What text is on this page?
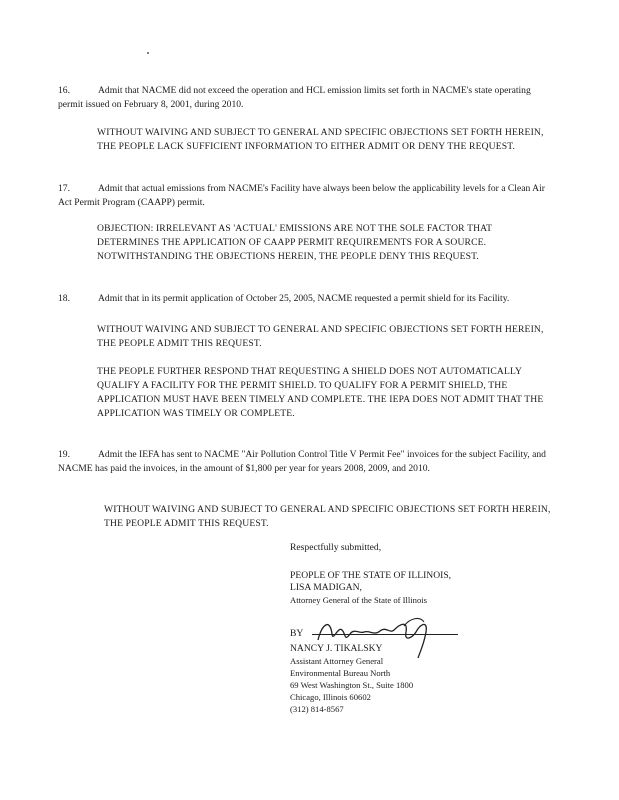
16.	Admit that NACME did not exceed the operation and HCL emission limits set forth in NACME's state operating permit issued on February 8, 2001, during 2010.
WITHOUT WAIVING AND SUBJECT TO GENERAL AND SPECIFIC OBJECTIONS SET FORTH HEREIN, THE PEOPLE LACK SUFFICIENT INFORMATION TO EITHER ADMIT OR DENY THE REQUEST.
17.	Admit that actual emissions from NACME's Facility have always been below the applicability levels for a Clean Air Act Permit Program (CAAPP) permit.
OBJECTION: IRRELEVANT AS 'ACTUAL' EMISSIONS ARE NOT THE SOLE FACTOR THAT DETERMINES THE APPLICATION OF CAAPP PERMIT REQUIREMENTS FOR A SOURCE. NOTWITHSTANDING THE OBJECTIONS HEREIN, THE PEOPLE DENY THIS REQUEST.
18.	Admit that in its permit application of October 25, 2005, NACME requested a permit shield for its Facility.
WITHOUT WAIVING AND SUBJECT TO GENERAL AND SPECIFIC OBJECTIONS SET FORTH HEREIN, THE PEOPLE ADMIT THIS REQUEST.
THE PEOPLE FURTHER RESPOND THAT REQUESTING A SHIELD DOES NOT AUTOMATICALLY QUALIFY A FACILITY FOR THE PERMIT SHIELD. TO QUALIFY FOR A PERMIT SHIELD, THE APPLICATION MUST HAVE BEEN TIMELY AND COMPLETE. THE IEPA DOES NOT ADMIT THAT THE APPLICATION WAS TIMELY OR COMPLETE.
19.	Admit the IEFA has sent to NACME "Air Pollution Control Title V Permit Fee" invoices for the subject Facility, and NACME has paid the invoices, in the amount of $1,800 per year for years 2008, 2009, and 2010.
WITHOUT WAIVING AND SUBJECT TO GENERAL AND SPECIFIC OBJECTIONS SET FORTH HEREIN, THE PEOPLE ADMIT THIS REQUEST.
Respectfully submitted,
PEOPLE OF THE STATE OF ILLINOIS,
LISA MADIGAN,
Attorney General of the State of Illinois
BY
NANCY J. TIKALSKY
Assistant Attorney General
Environmental Bureau North
69 West Washington St., Suite 1800
Chicago, Illinois 60602
(312) 814-8567
